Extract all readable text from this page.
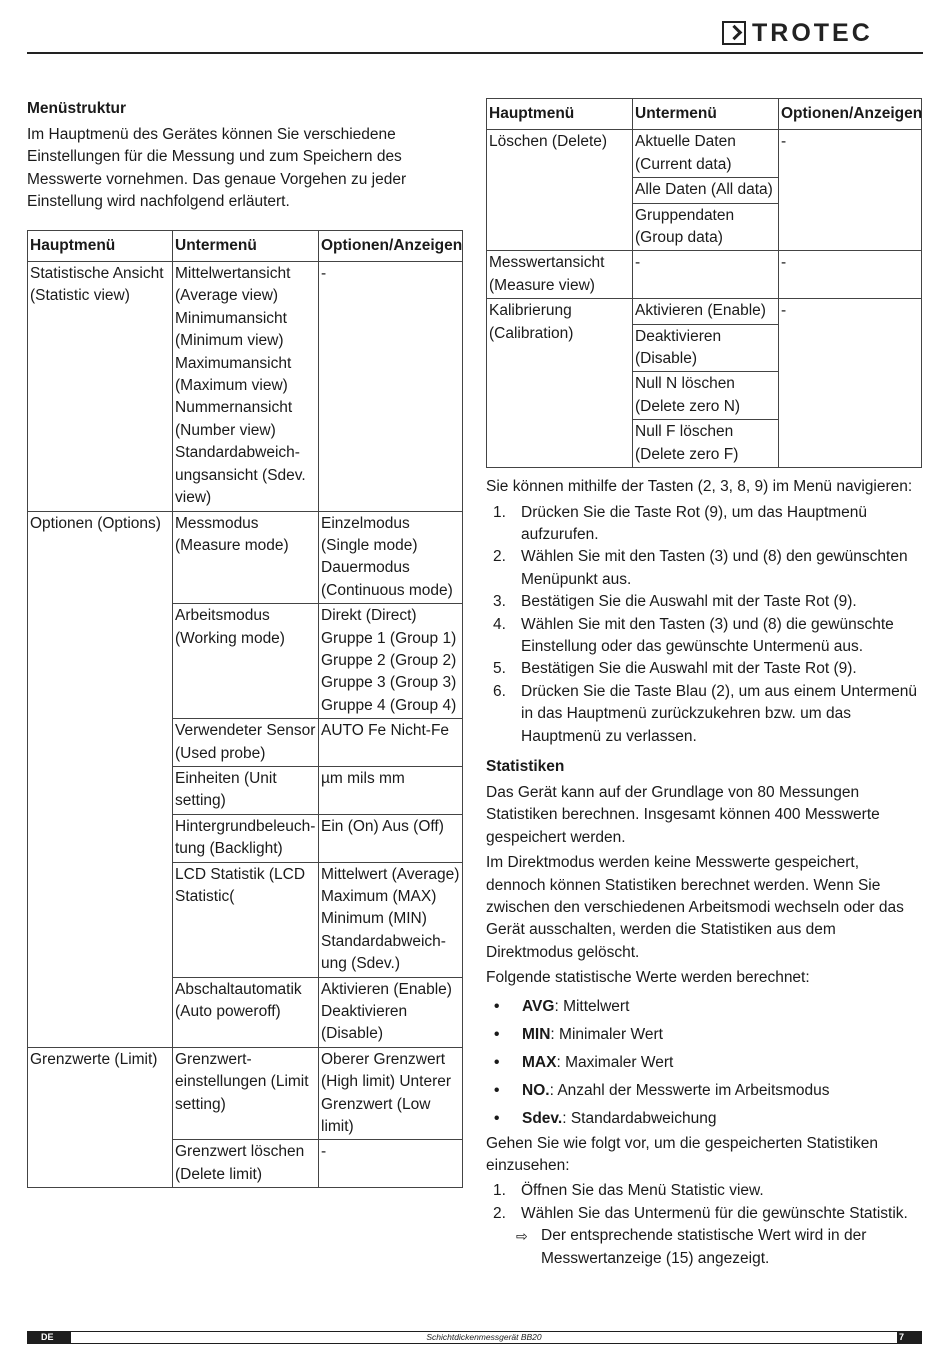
TROTEC
Menüstruktur

Im Hauptmenü des Gerätes können Sie verschiedene Einstellungen für die Messung und zum Speichern des Messwerte vornehmen. Das genaue Vorgehen zu jeder Einstellung wird nachfolgend erläutert.

Hauptmenü	Untermenü	Optionen/Anzeigen
Statistische Ansicht (Statistic view)	Mittelwertansicht (Average view) Minimumansicht (Minimum view) Maximumansicht (Maximum view) Nummernansicht (Number view) Standardabweich-ungsansicht (Sdev. view)	-
Optionen (Options)	Messmodus (Measure mode)	Einzelmodus (Single mode) Dauermodus (Continuous mode)
	Arbeitsmodus (Working mode)	Direkt (Direct) Gruppe 1 (Group 1) Gruppe 2 (Group 2) Gruppe 3 (Group 3) Gruppe 4 (Group 4)
	Verwendeter Sensor (Used probe)	AUTO Fe Nicht-Fe
	Einheiten (Unit setting)	µm mils mm
	Hintergrundbeleuch-tung (Backlight)	Ein (On) Aus (Off)
	LCD Statistik (LCD Statistic(	Mittelwert (Average) Maximum (MAX) Minimum (MIN) Standardabweich-ung (Sdev.)
	Abschaltautomatik (Auto poweroff)	Aktivieren (Enable) Deaktivieren (Disable)
Grenzwerte (Limit)	Grenzwert-einstellungen (Limit setting)	Oberer Grenzwert (High limit) Unterer Grenzwert (Low limit)
	Grenzwert löschen (Delete limit)	-
Hauptmenü	Untermenü	Optionen/Anzeigen
Löschen (Delete)	Aktuelle Daten (Current data)	-
	Alle Daten (All data)	
	Gruppendaten (Group data)	
Messwertansicht (Measure view)	-	-
Kalibrierung (Calibration)	Aktivieren (Enable)	-
	Deaktivieren (Disable)	
	Null N löschen (Delete zero N)	
	Null F löschen (Delete zero F)	

Sie können mithilfe der Tasten (2, 3, 8, 9) im Menü navigieren:

1. Drücken Sie die Taste Rot (9), um das Hauptmenü aufzurufen.
2. Wählen Sie mit den Tasten (3) und (8) den gewünschten Menüpunkt aus.
3. Bestätigen Sie die Auswahl mit der Taste Rot (9).
4. Wählen Sie mit den Tasten (3) und (8) die gewünschte Einstellung oder das gewünschte Untermenü aus.
5. Bestätigen Sie die Auswahl mit der Taste Rot (9).
6. Drücken Sie die Taste Blau (2), um aus einem Untermenü in das Hauptmenü zurückzukehren bzw. um das Hauptmenü zu verlassen.
Statistiken

Das Gerät kann auf der Grundlage von 80 Messungen Statistiken berechnen. Insgesamt können 400 Messwerte gespeichert werden.

Im Direktmodus werden keine Messwerte gespeichert, dennoch können Statistiken berechnet werden. Wenn Sie zwischen den verschiedenen Arbeitsmodi wechseln oder das Gerät ausschalten, werden die Statistiken aus dem Direktmodus gelöscht.

Folgende statistische Werte werden berechnet:

• AVG: Mittelwert
• MIN: Minimaler Wert
• MAX: Maximaler Wert
• NO.: Anzahl der Messwerte im Arbeitsmodus
• Sdev.: Standardabweichung

Gehen Sie wie folgt vor, um die gespeicherten Statistiken einzusehen:

1. Öffnen Sie das Menü Statistic view.
2. Wählen Sie das Untermenü für die gewünschte Statistik.
⇨ Der entsprechende statistische Wert wird in der Messwertanzeige (15) angezeigt.
DE	Schichtdickenmessgerät BB20	7
